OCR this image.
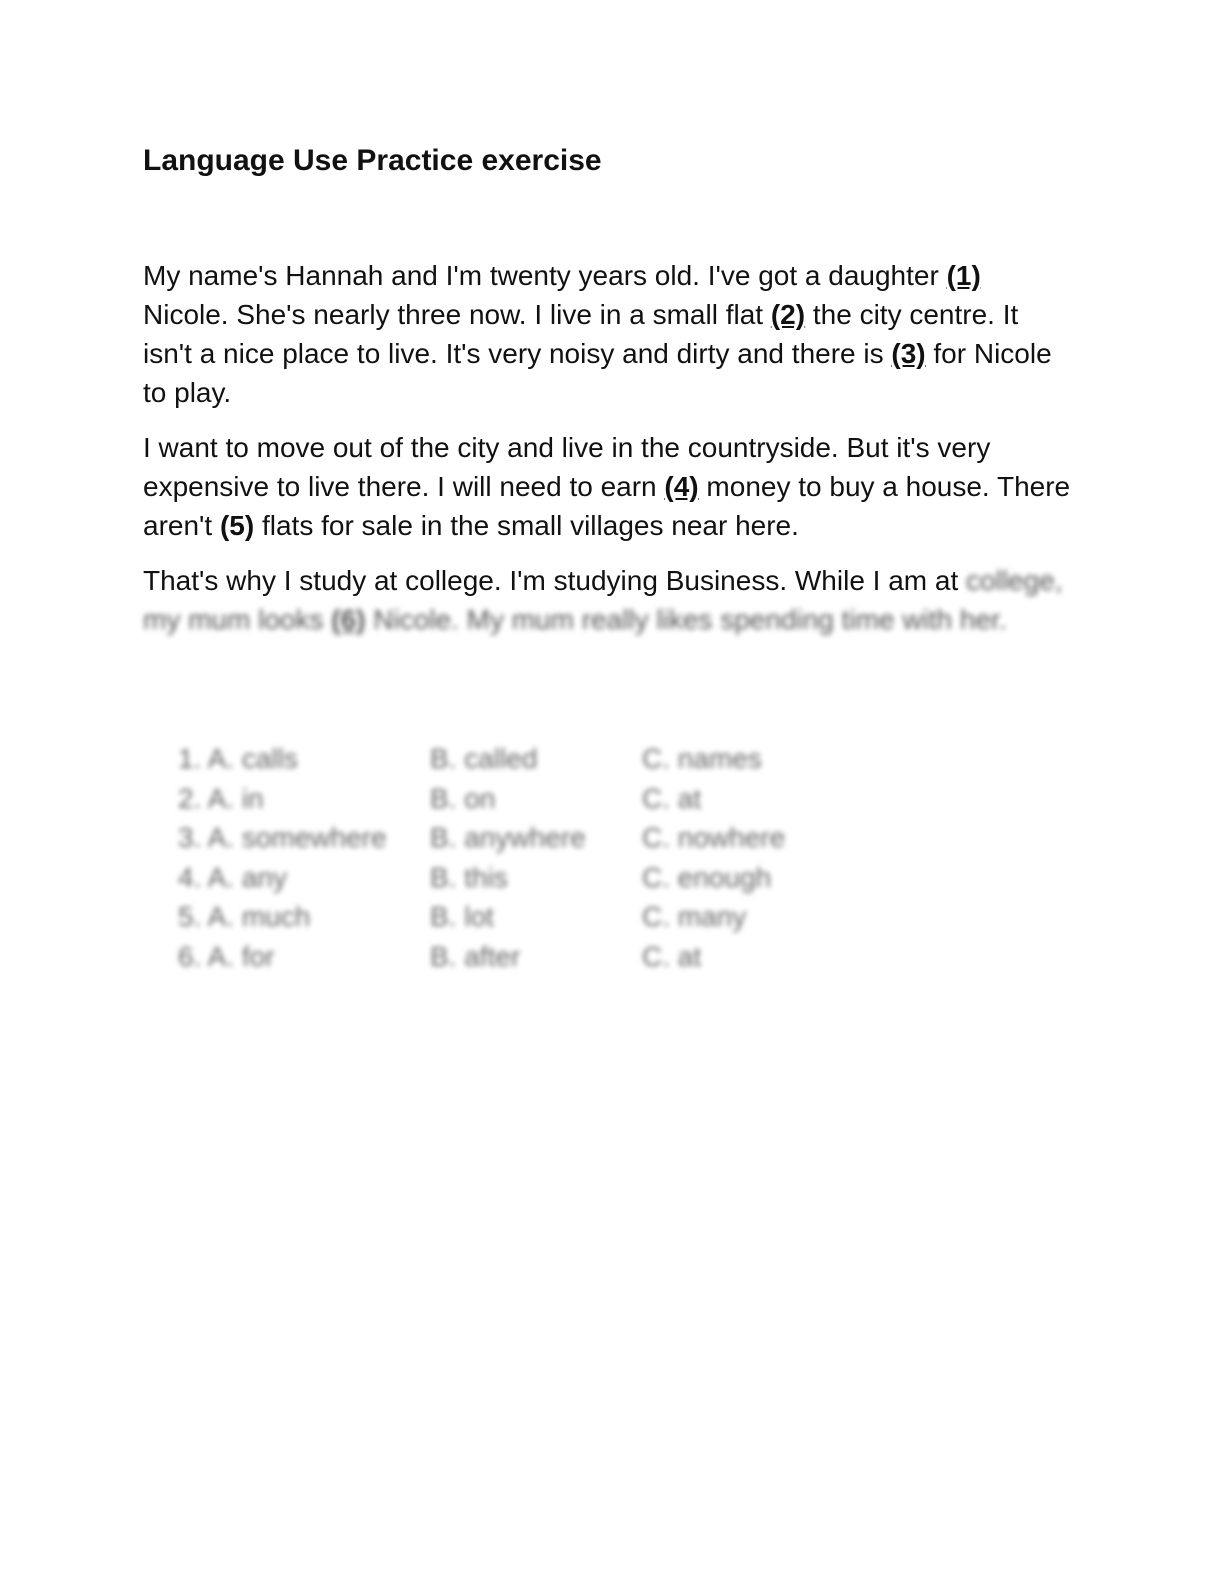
Language Use Practice exercise

My name's Hannah and I'm twenty years old. I've got a daughter (1) Nicole. She's nearly three now. I live in a small flat (2) the city centre. It isn't a nice place to live. It's very noisy and dirty and there is (3) for Nicole to play.

I want to move out of the city and live in the countryside. But it's very expensive to live there. I will need to earn (4) money to buy a house. There aren't (5) flats for sale in the small villages near here.

That's why I study at college. I'm studying Business. While I am at college, my mum looks (6) Nicole. My mum really likes spending time with her.

1. A. calls	B. called	C. names
2. A. in	B. on	C. at
3. A. somewhere	B. anywhere	C. nowhere
4. A. any	B. this	C. enough
5. A. much	B. lot	C. many
6. A. for	B. after	C. at
